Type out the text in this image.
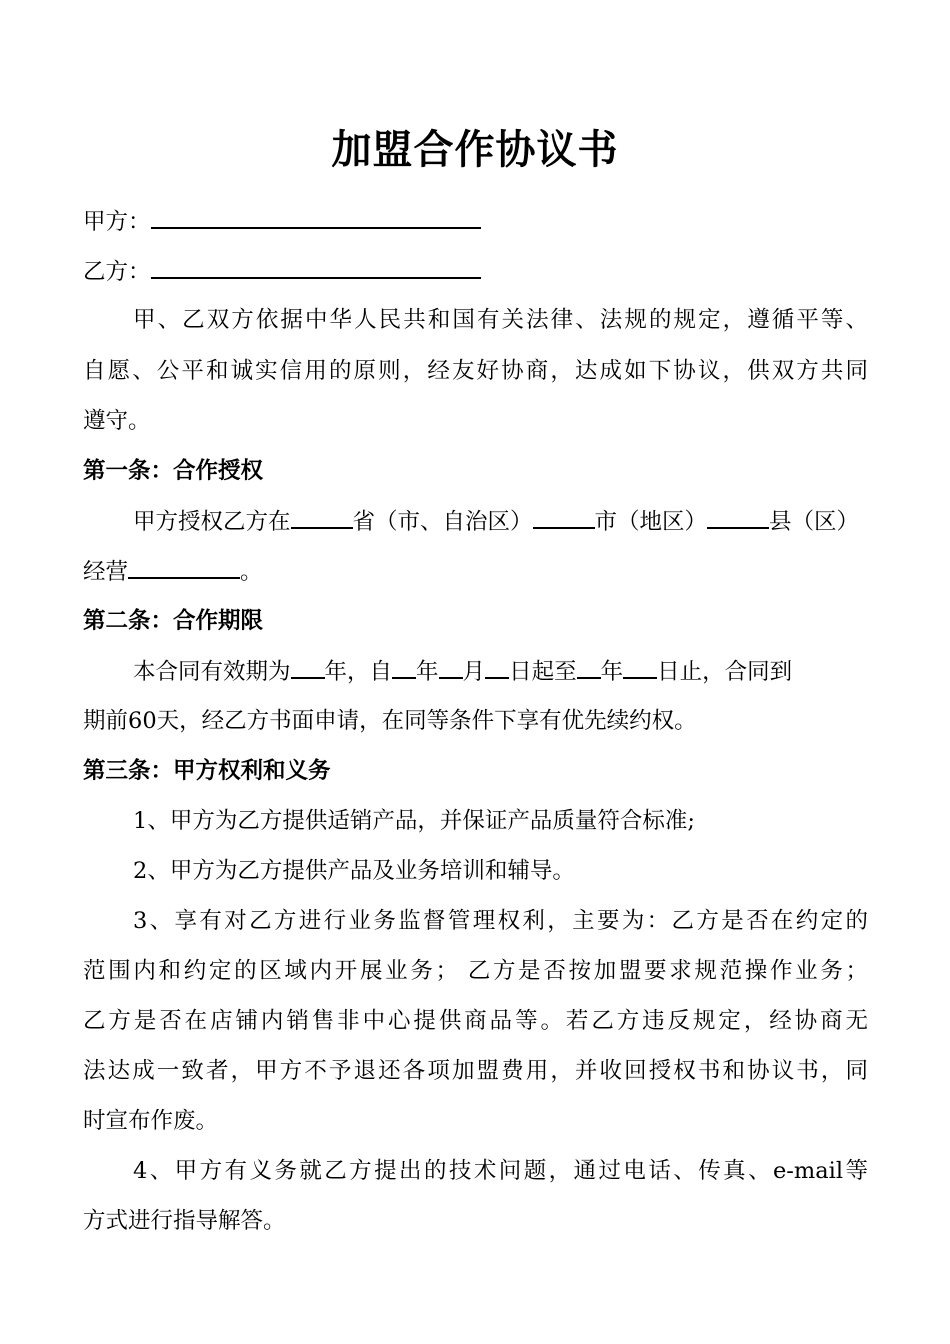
加盟合作协议书
甲方：
乙方：
甲、乙双方依据中华人民共和国有关法律、法规的规定，遵循平等、
自愿、公平和诚实信用的原则，经友好协商，达成如下协议，供双方共同
遵守。
第一条：合作授权
甲方授权乙方在	省（市、自治区）	市（地区）	县（区）
经营	。
第二条：合作期限
本合同有效期为 年，自 年 月 日起至 年 日止，合同到
期前60天，经乙方书面申请，在同等条件下享有优先续约权。
第三条：甲方权利和义务
1、甲方为乙方提供适销产品，并保证产品质量符合标准;
2、甲方为乙方提供产品及业务培训和辅导。
3、享有对乙方进行业务监督管理权利，主要为：乙方是否在约定的
范围内和约定的区域内开展业务； 乙方是否按加盟要求规范操作业务；
乙方是否在店铺内销售非中心提供商品等。若乙方违反规定，经协商无
法达成一致者，甲方不予退还各项加盟费用，并收回授权书和协议书，同
时宣布作废。
4、甲方有义务就乙方提出的技术问题，通过电话、传真、e-mail等
方式进行指导解答。
